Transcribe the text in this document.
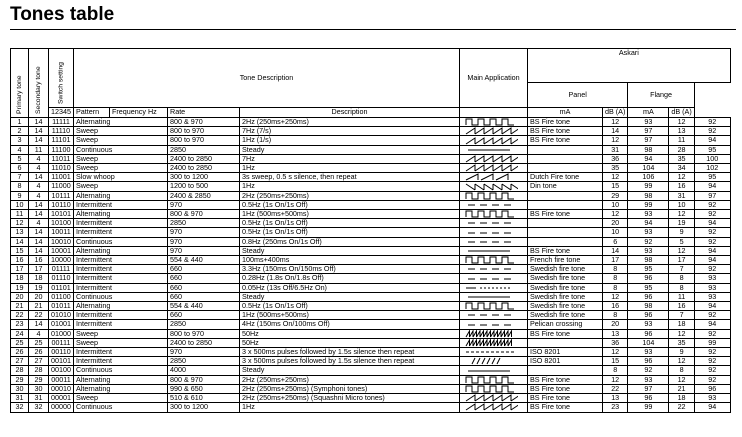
Tones table
Primary tone	Secondary tone	Switch setting	Tone Description				Main Application	Askari				
								Panel		Flange		
		12345	Pattern	Frequency Hz	Rate	Description		mA	dB (A)	mA	dB (A)	
1	14	11111	Alternating		800 & 970	2Hz (250ms+250ms)		BS Fire tone	12	93	12	92
2	14	11110	Sweep		800 to 970	7Hz (7/s)		BS Fire tone	14	97	13	92
3	14	11101	Sweep		800 to 970	1Hz (1/s)		BS Fire tone	12	97	11	94
4	11	11100	Continuous		2850	Steady			31	98	28	95
5	4	11011	Sweep		2400 to 2850	7Hz			36	94	35	100
6	4	11010	Sweep		2400 to 2850	1Hz			35	104	34	102
7	14	11001	Slow whoop		300 to 1200	3s sweep, 0.5 s silence, then repeat		Dutch Fire tone	12	106	12	95
8	4	11000	Sweep		1200 to 500	1Hz		Din tone	15	99	16	94
9	4	10111	Alternating		2400 & 2850	2Hz (250ms+250ms)			29	98	31	97
10	14	10110	Intermittent		970	0.5Hz (1s On/1s Off)			10	99	10	92
11	14	10101	Alternating		800 & 970	1Hz (500ms+500ms)		BS Fire tone	12	93	12	92
12	4	10100	Intermittent		2850	0.5Hz (1s On/1s Off)			20	94	19	94
13	14	10011	Intermittent		970	0.5Hz (1s On/1s Off)			10	93	9	92
14	14	10010	Continuous		970	0.8Hz (250ms On/1s Off)			6	92	5	92
15	14	10001	Alternating		970	Steady		BS Fire tone	14	93	12	94
16	16	10000	Intermittent		554 & 440	100ms+400ms		French fire tone	17	98	17	94
17	17	01111	Intermittent		660	3.3Hz (150ms On/150ms Off)		Swedish fire tone	8	95	7	92
18	18	01110	Intermittent		660	0.28Hz (1.8s On/1.8s Off)		Swedish fire tone	8	96	8	93
19	19	01101	Intermittent		660	0.05Hz (13s Off/6.5Hz On)		Swedish fire tone	8	95	8	93
20	20	01100	Continuous		660	Steady		Swedish fire tone	12	96	11	93
21	21	01011	Alternating		554 & 440	0.5Hz (1s On/1s Off)		Swedish fire tone	16	98	16	94
22	22	01010	Intermittent		660	1Hz (500ms+500ms)		Swedish fire tone	8	96	7	92
23	14	01001	Intermittent		2850	4Hz (150ms On/100ms Off)		Pelican crossing	20	93	18	94
24	4	01000	Sweep		800 to 970	50Hz		BS Fire tone	13	96	12	92
25	25	00111	Sweep		2400 to 2850	50Hz			36	104	35	99
26	26	00110	Intermittent		970	3 x 500ms pulses followed by 1.5s silence then repeat		ISO 8201	12	93	9	92
27	27	00101	Intermittent		2850	3 x 500ms pulses followed by 1.5s silence then repeat		ISO 8201	15	96	12	92
28	28	00100	Continuous		4000	Steady			8	92	8	92
29	29	00011	Alternating		800 & 970	2Hz (250ms+250ms)		BS Fire tone	12	93	12	92
30	30	00010	Alternating		990 & 650	2Hz (250ms+250ms) (Symphoni tones)		BS Fire tone	22	97	21	96
31	31	00001	Sweep		510 & 610	2Hz (250ms+250ms) (Squashni Micro tones)		BS Fire tone	13	96	18	93
32	32	00000	Continuous		300 to 1200	1Hz		BS Fire tone	23	99	22	94
